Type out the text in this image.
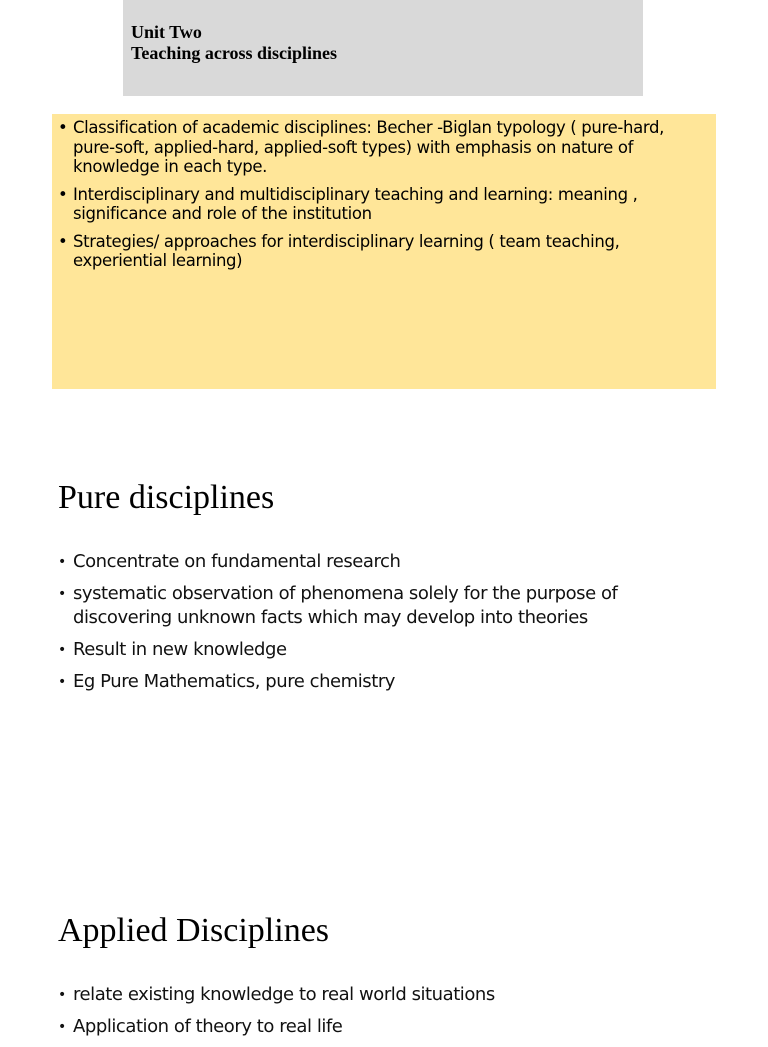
Unit Two
Teaching across disciplines
• Classification of academic disciplines: Becher -Biglan typology ( pure-hard, pure-soft, applied-hard, applied-soft types) with emphasis on nature of knowledge in each type.
• Interdisciplinary and multidisciplinary teaching and learning: meaning , significance and role of the institution
• Strategies/ approaches for interdisciplinary learning ( team teaching, experiential learning)
Pure disciplines
• Concentrate on fundamental research
• systematic observation of phenomena solely for the purpose of discovering unknown facts which may develop into theories
• Result in new knowledge
• Eg Pure Mathematics, pure chemistry
Applied Disciplines
• relate existing knowledge to real world situations
• Application of theory to real life
